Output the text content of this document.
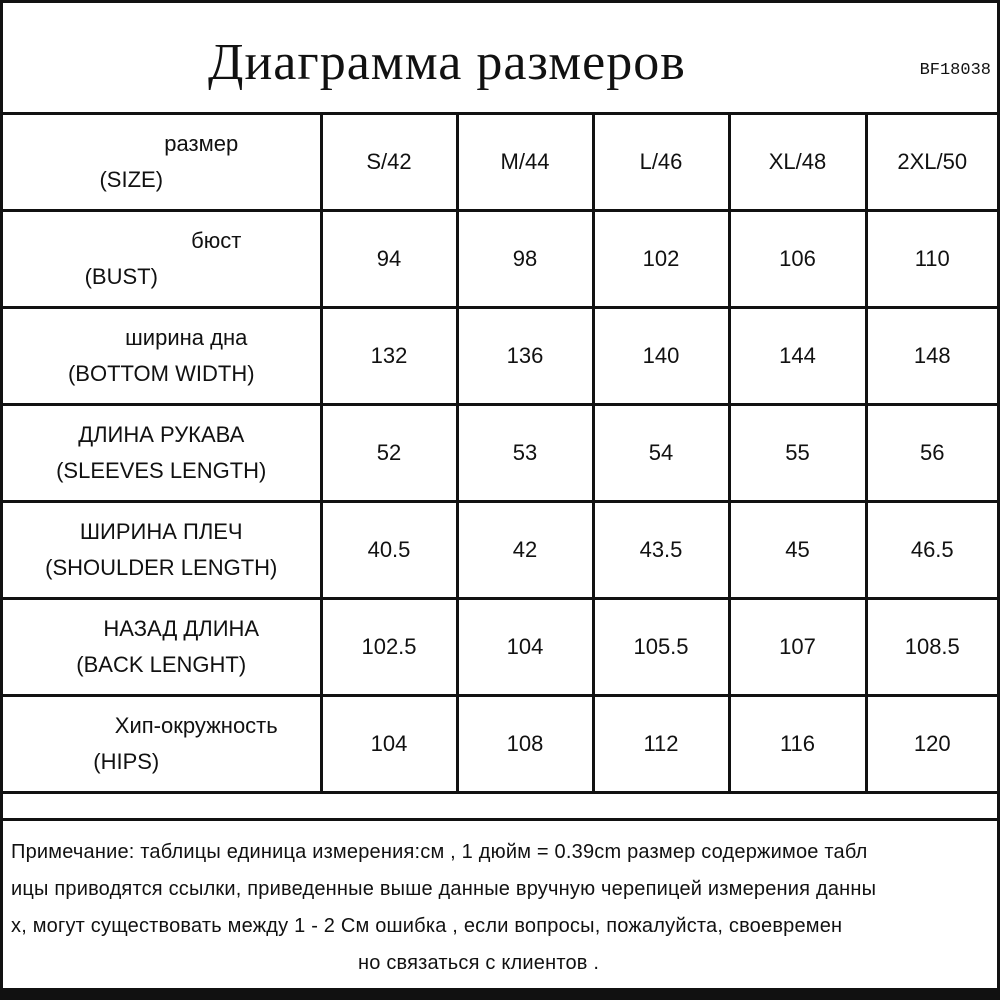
Диаграмма размеров	BF18038
размер
(SIZE)	S/42	M/44	L/46	XL/48	2XL/50

бюст
(BUST)	94	98	102	106	110

ширина дна
(BOTTOM WIDTH)	132	136	140	144	148

ДЛИНА РУКАВА
(SLEEVES LENGTH)	52	53	54	55	56

ШИРИНА ПЛЕЧ
(SHOULDER LENGTH)	40.5	42	43.5	45	46.5

НАЗАД ДЛИНА
(BACK LENGHT)	102.5	104	105.5	107	108.5

Хип-окружность
(HIPS)	104	108	112	116	120
Примечание: таблицы единица измерения:см , 1 дюйм = 0.39cm размер содержимое табл
ицы приводятся ссылки, приведенные выше данные вручную черепицей измерения данны
х, могут существовать между 1 - 2 См ошибка , если вопросы, пожалуйста, своевремен
но связаться с клиентов .
